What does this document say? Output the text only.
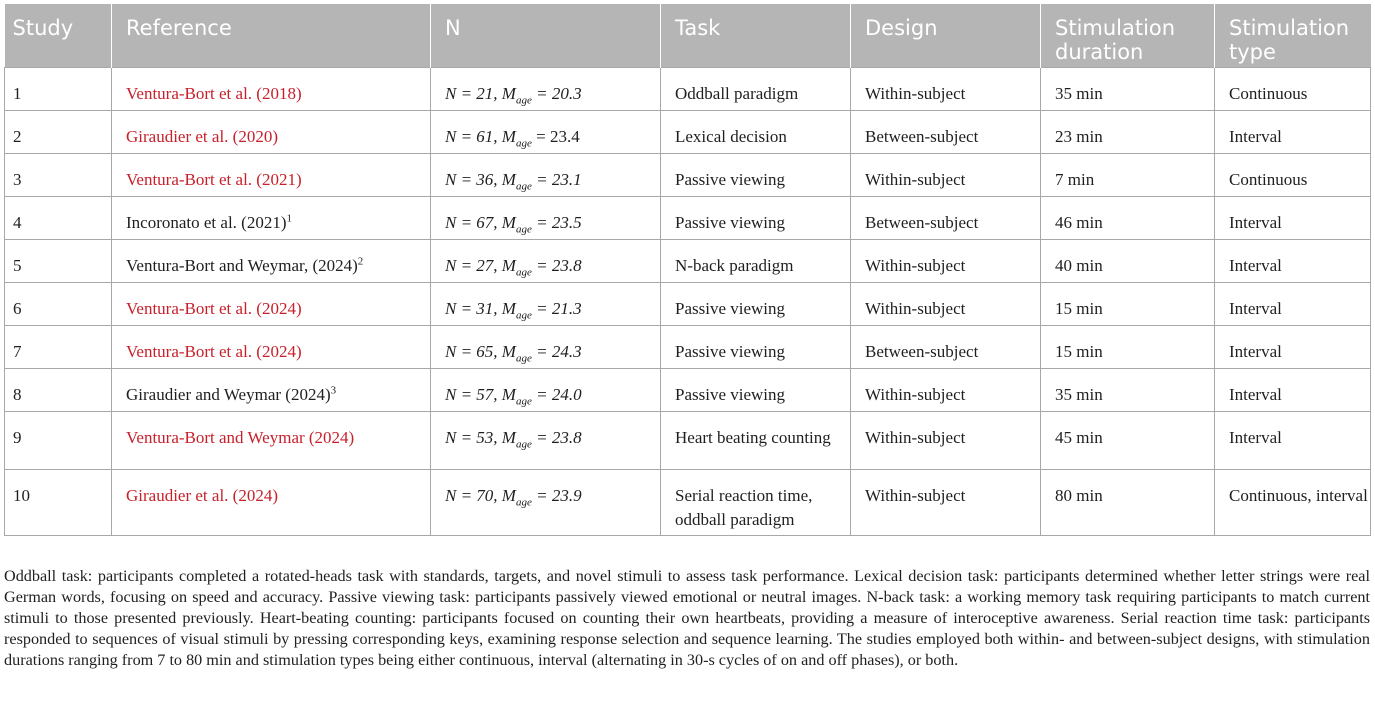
Study	Reference	N	Task	Design	Stimulation duration	Stimulation type
1	Ventura-Bort et al. (2018)	N = 21, $M_{age} = 20.3$	Oddball paradigm	Within-subject	35 min	Continuous
2	Giraudier et al. (2020)	N = 61, $M_{age} = 23.4$	Lexical decision	Between-subject	23 min	Interval
3	Ventura-Bort et al. (2021)	N = 36, $M_{age} = 23.1$	Passive viewing	Within-subject	7 min	Continuous
4	Incoronato et al. $(2021)^1$	N = 67, $M_{age} = 23.5$	Passive viewing	Between-subject	46 min	Interval
5	Ventura-Bort and Weymar, $(2024)^2$	N = 27, $M_{age} = 23.8$	N-back paradigm	Within-subject	40 min	Interval
6	Ventura-Bort et al. (2024)	N = 31, $M_{age} = 21.3$	Passive viewing	Within-subject	15 min	Interval
7	Ventura-Bort et al. (2024)	N = 65, $M_{age} = 24.3$	Passive viewing	Between-subject	15 min	Interval
8	Giraudier and Weymar $(2024)^3$	N = 57, $M_{age} = 24.0$	Passive viewing	Within-subject	35 min	Interval
9	Ventura-Bort and Weymar (2024)	N = 53, $M_{age} = 23.8$	Heart beating counting	Within-subject	45 min	Interval
10	Giraudier et al. (2024)	N = 70, $M_{age} = 23.9$	Serial reaction time, oddball paradigm	Within-subject	80 min	Continuous, interval

Oddball task: participants completed a rotated-heads task with standards, targets, and novel stimuli to assess task performance. Lexical decision task: participants determined whether letter strings were real German words, focusing on speed and accuracy. Passive viewing task: participants passively viewed emotional or neutral images. N-back task: a working memory task requiring participants to match current stimuli to those presented previously. Heart-beating counting: participants focused on counting their own heartbeats, providing a measure of interoceptive awareness. Serial reaction time task: participants responded to sequences of visual stimuli by pressing corresponding keys, examining response selection and sequence learning. The studies employed both within- and between-subject designs, with stimulation durations ranging from 7 to 80 min and stimulation types being either continuous, interval (alternating in 30-s cycles of on and off phases), or both.
